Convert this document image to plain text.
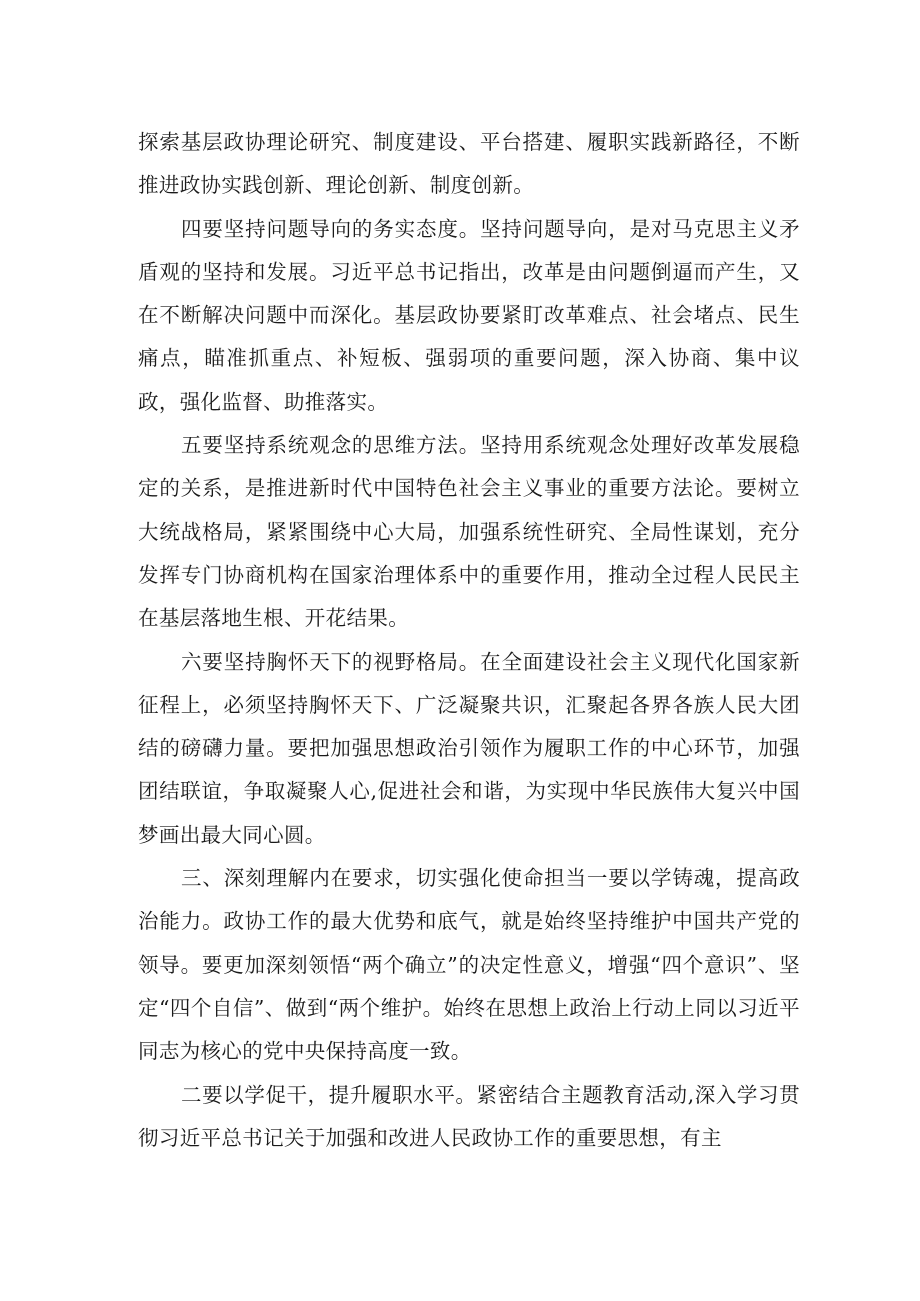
探索基层政协理论研究、制度建设、平台搭建、履职实践新路径，不断推进政协实践创新、理论创新、制度创新。

四要坚持问题导向的务实态度。坚持问题导向，是对马克思主义矛盾观的坚持和发展。习近平总书记指出，改革是由问题倒逼而产生，又在不断解决问题中而深化。基层政协要紧盯改革难点、社会堵点、民生痛点，瞄准抓重点、补短板、强弱项的重要问题，深入协商、集中议政，强化监督、助推落实。

五要坚持系统观念的思维方法。坚持用系统观念处理好改革发展稳定的关系，是推进新时代中国特色社会主义事业的重要方法论。要树立大统战格局，紧紧围绕中心大局，加强系统性研究、全局性谋划，充分发挥专门协商机构在国家治理体系中的重要作用，推动全过程人民民主在基层落地生根、开花结果。

六要坚持胸怀天下的视野格局。在全面建设社会主义现代化国家新征程上，必须坚持胸怀天下、广泛凝聚共识，汇聚起各界各族人民大团结的磅礴力量。要把加强思想政治引领作为履职工作的中心环节，加强团结联谊，争取凝聚人心,促进社会和谐，为实现中华民族伟大复兴中国梦画出最大同心圆。

三、深刻理解内在要求，切实强化使命担当一要以学铸魂，提高政治能力。政协工作的最大优势和底气，就是始终坚持维护中国共产党的领导。要更加深刻领悟“两个确立”的决定性意义，增强“四个意识”、坚定“四个自信”、做到“两个维护。始终在思想上政治上行动上同以习近平同志为核心的党中央保持高度一致。

二要以学促干，提升履职水平。紧密结合主题教育活动,深入学习贯彻习近平总书记关于加强和改进人民政协工作的重要思想，有主
